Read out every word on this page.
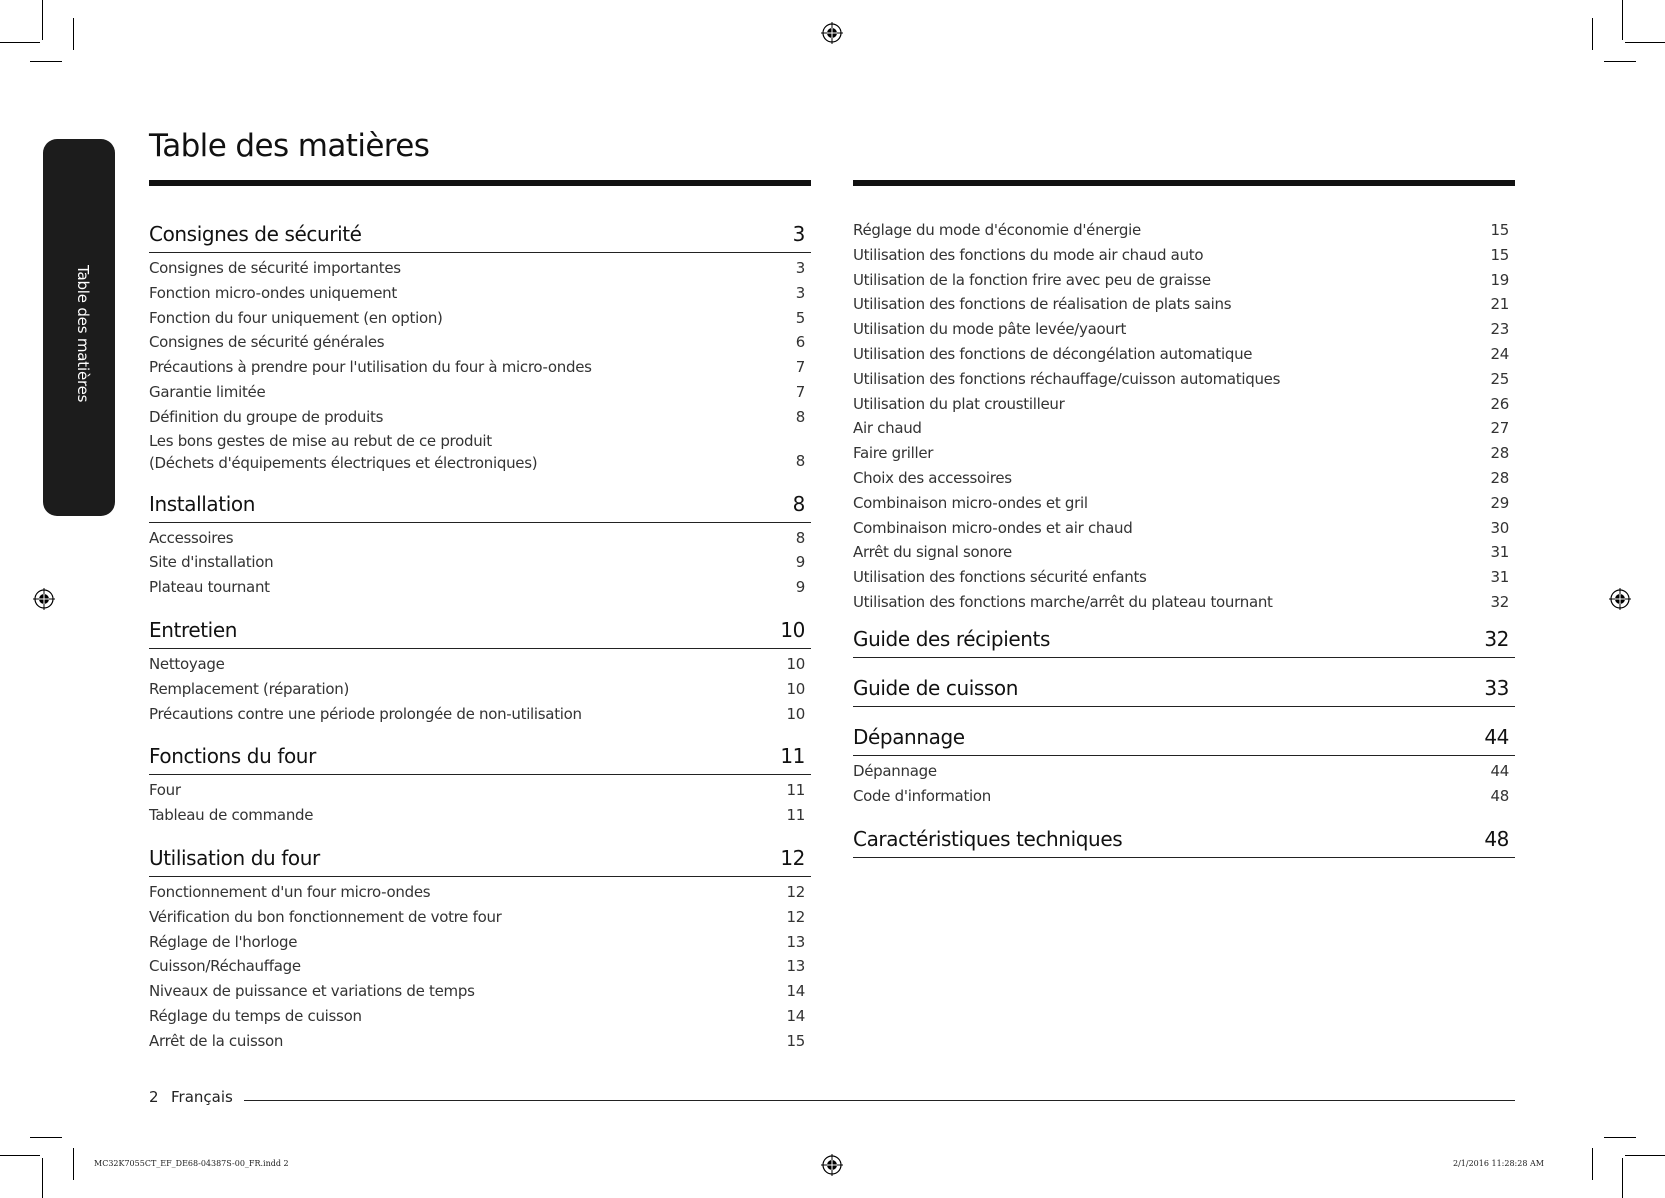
Table des matières
Table des matières
Consignes de sécurité	3
Consignes de sécurité importantes	3
Fonction micro-ondes uniquement	3
Fonction du four uniquement (en option)	5
Consignes de sécurité générales	6
Précautions à prendre pour l'utilisation du four à micro-ondes	7
Garantie limitée	7
Définition du groupe de produits	8
Les bons gestes de mise au rebut de ce produit
(Déchets d'équipements électriques et électroniques)	8
Installation	8
Accessoires	8
Site d'installation	9
Plateau tournant	9
Entretien	10
Nettoyage	10
Remplacement (réparation)	10
Précautions contre une période prolongée de non-utilisation	10
Fonctions du four	11
Four	11
Tableau de commande	11
Utilisation du four	12
Fonctionnement d'un four micro-ondes	12
Vérification du bon fonctionnement de votre four	12
Réglage de l'horloge	13
Cuisson/Réchauffage	13
Niveaux de puissance et variations de temps	14
Réglage du temps de cuisson	14
Arrêt de la cuisson	15
Réglage du mode d'économie d'énergie	15
Utilisation des fonctions du mode air chaud auto	15
Utilisation de la fonction frire avec peu de graisse	19
Utilisation des fonctions de réalisation de plats sains	21
Utilisation du mode pâte levée/yaourt	23
Utilisation des fonctions de décongélation automatique	24
Utilisation des fonctions réchauffage/cuisson automatiques	25
Utilisation du plat croustilleur	26
Air chaud	27
Faire griller	28
Choix des accessoires	28
Combinaison micro-ondes et gril	29
Combinaison micro-ondes et air chaud	30
Arrêt du signal sonore	31
Utilisation des fonctions sécurité enfants	31
Utilisation des fonctions marche/arrêt du plateau tournant	32
Guide des récipients	32
Guide de cuisson	33
Dépannage	44
Dépannage	44
Code d'information	48
Caractéristiques techniques	48
2 Français
MC32K7055CT_EF_DE68-04387S-00_FR.indd 2	2/1/2016 11:28:28 AM
